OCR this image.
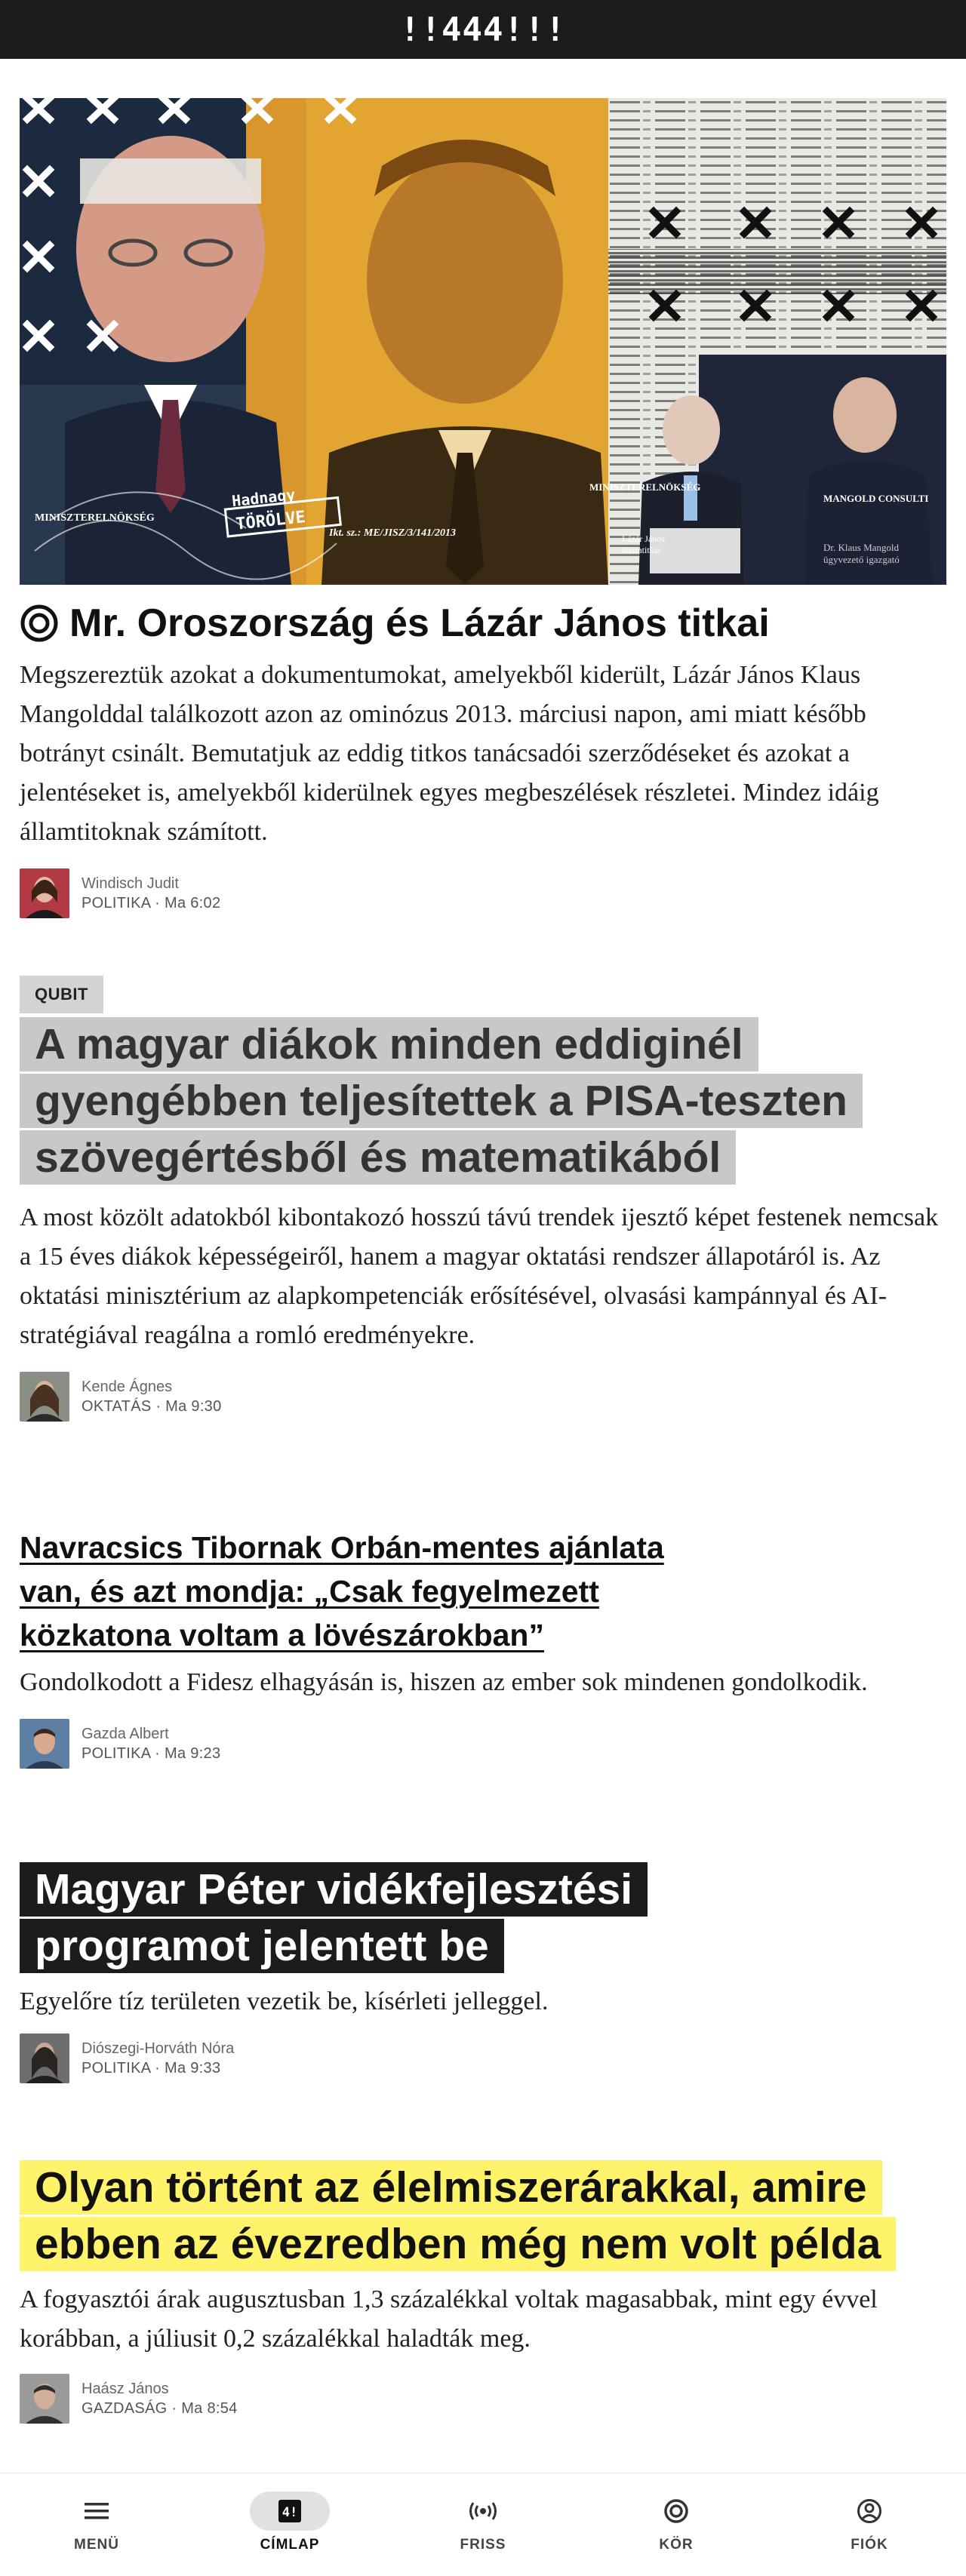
!!444!!!
MINISZTERELNÖKSÉG
Hadnagy
TÖRÖLVE Ikt. sz.: ME/JISZ/3/141/2013
MINISZTERELNÖKSÉG
MANGOLD CONSULTI
Lázár János
államtitkár	Dr. Klaus Mangold
ügyvezető igazgató
Mr. Oroszország és Lázár János titkai

Megszereztük azokat a dokumentumokat, amelyekből kiderült, Lázár János Klaus Mangolddal találkozott azon az ominózus 2013. márciusi napon, ami miatt később botrányt csinált. Bemutatjuk az eddig titkos tanácsadói szerződéseket és azokat a jelentéseket is, amelyekből kiderülnek egyes megbeszélések részletei. Mindez idáig államtitoknak számított.

Windisch Judit
POLITIKA · Ma 6:02
QUBIT
A magyar diákok minden eddiginél gyengébben teljesítettek a PISA-teszten szövegértésből és matematikából

A most közölt adatokból kibontakozó hosszú távú trendek ijesztő képet festenek nemcsak a 15 éves diákok képességeiről, hanem a magyar oktatási rendszer állapotáról is. Az oktatási minisztérium az alapkompetenciák erősítésével, olvasási kampánnyal és AI-stratégiával reagálna a romló eredményekre.

Kende Ágnes
OKTATÁS · Ma 9:30
Navracsics Tibornak Orbán-mentes ajánlata van, és azt mondja: „Csak fegyelmezett közkatona voltam a lövészárokban”

Gondolkodott a Fidesz elhagyásán is, hiszen az ember sok mindenen gondolkodik.

Gazda Albert
POLITIKA · Ma 9:23
Magyar Péter vidékfejlesztési programot jelentett be

Egyelőre tíz területen vezetik be, kísérleti jelleggel.

Diószegi-Horváth Nóra
POLITIKA · Ma 9:33
Olyan történt az élelmiszerárakkal, amire ebben az évezredben még nem volt példa

A fogyasztói árak augusztusban 1,3 százalékkal voltak magasabbak, mint egy évvel korábban, a júliusit 0,2 százalékkal haladták meg.

Haász János
GAZDASÁG · Ma 8:54
MENÜ
4!
CÍMLAP	FRISS	KÖR	FIÓK
